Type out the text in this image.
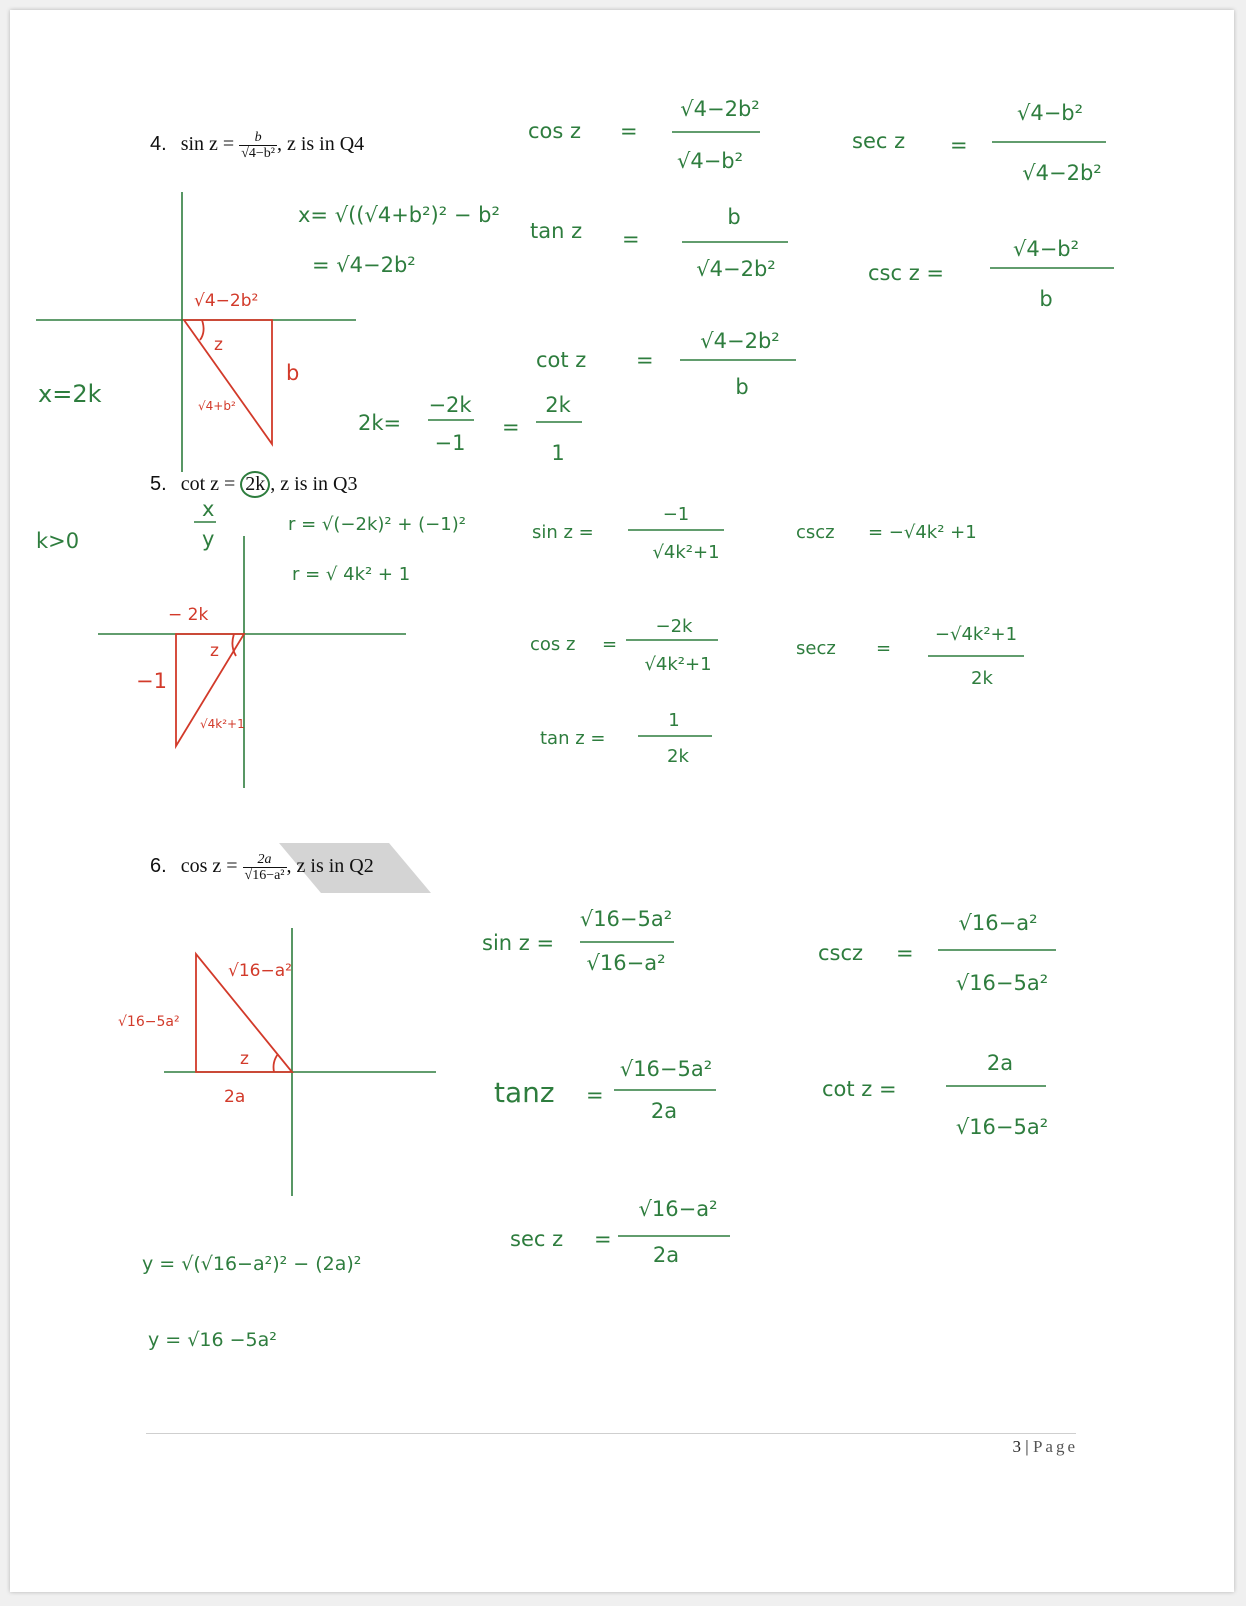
4. $\sin z = \frac{b}{\text{√4−b²}}$ , z is in Q4
5. cot z = 2k , z is in Q3
6. $\cos z = \frac{2a}{\text{√16−a²}}$ , z is in Q2
x= √((√4+b²)² − b²
= √4−2b²
cos z =
√4−2b²
√4−b²
tan z =
b
√4−2b²
cot z =
√4−2b²
b
sec z =
√4−b²
√4−2b²
csc z =
√4−b²
b
√4−2b²
z
b
√4+b²
x=2k
2k=
−2k
−1
=
2k
1
k>0
x
y
− 2k
z
−1
√4k²+1
r = √(−2k)² + (−1)²
r = √ 4k² + 1
sin z =
−1
√4k²+1
cos z =
−2k
√4k²+1
tan z =
1
2k
cscz = −√4k² +1
secz =
−√4k²+1
2k
√16−a²
√16−5a²
z
2a
y = √(√16−a²)² − (2a)²
y = √16 −5a²
sin z =
√16−5a²
√16−a²
tanz =
√16−5a²
2a
sec z =
√16−a²
2a
cscz =
√16−a²
√16−5a²
cot z =
2a
√16−5a²
3 | Page
